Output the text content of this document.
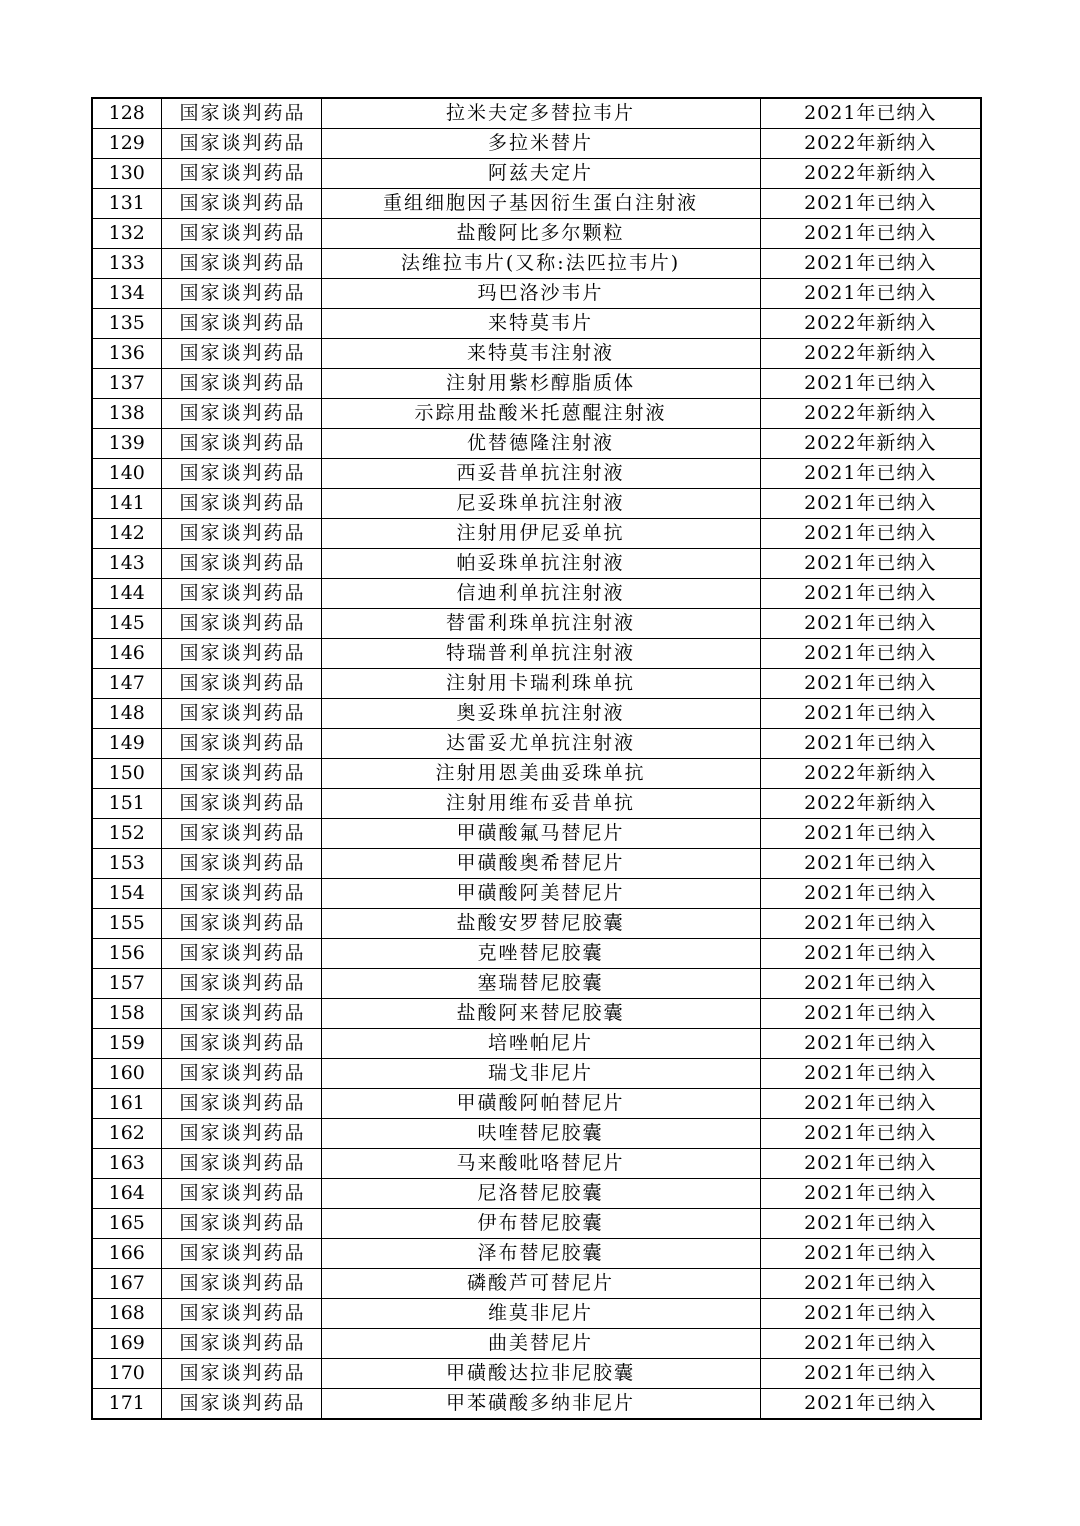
128	国家谈判药品	拉米夫定多替拉韦片	2021年已纳入
129	国家谈判药品	多拉米替片	2022年新纳入
130	国家谈判药品	阿兹夫定片	2022年新纳入
131	国家谈判药品	重组细胞因子基因衍生蛋白注射液	2021年已纳入
132	国家谈判药品	盐酸阿比多尔颗粒	2021年已纳入
133	国家谈判药品	法维拉韦片(又称:法匹拉韦片)	2021年已纳入
134	国家谈判药品	玛巴洛沙韦片	2021年已纳入
135	国家谈判药品	来特莫韦片	2022年新纳入
136	国家谈判药品	来特莫韦注射液	2022年新纳入
137	国家谈判药品	注射用紫杉醇脂质体	2021年已纳入
138	国家谈判药品	示踪用盐酸米托蒽醌注射液	2022年新纳入
139	国家谈判药品	优替德隆注射液	2022年新纳入
140	国家谈判药品	西妥昔单抗注射液	2021年已纳入
141	国家谈判药品	尼妥珠单抗注射液	2021年已纳入
142	国家谈判药品	注射用伊尼妥单抗	2021年已纳入
143	国家谈判药品	帕妥珠单抗注射液	2021年已纳入
144	国家谈判药品	信迪利单抗注射液	2021年已纳入
145	国家谈判药品	替雷利珠单抗注射液	2021年已纳入
146	国家谈判药品	特瑞普利单抗注射液	2021年已纳入
147	国家谈判药品	注射用卡瑞利珠单抗	2021年已纳入
148	国家谈判药品	奥妥珠单抗注射液	2021年已纳入
149	国家谈判药品	达雷妥尤单抗注射液	2021年已纳入
150	国家谈判药品	注射用恩美曲妥珠单抗	2022年新纳入
151	国家谈判药品	注射用维布妥昔单抗	2022年新纳入
152	国家谈判药品	甲磺酸氟马替尼片	2021年已纳入
153	国家谈判药品	甲磺酸奥希替尼片	2021年已纳入
154	国家谈判药品	甲磺酸阿美替尼片	2021年已纳入
155	国家谈判药品	盐酸安罗替尼胶囊	2021年已纳入
156	国家谈判药品	克唑替尼胶囊	2021年已纳入
157	国家谈判药品	塞瑞替尼胶囊	2021年已纳入
158	国家谈判药品	盐酸阿来替尼胶囊	2021年已纳入
159	国家谈判药品	培唑帕尼片	2021年已纳入
160	国家谈判药品	瑞戈非尼片	2021年已纳入
161	国家谈判药品	甲磺酸阿帕替尼片	2021年已纳入
162	国家谈判药品	呋喹替尼胶囊	2021年已纳入
163	国家谈判药品	马来酸吡咯替尼片	2021年已纳入
164	国家谈判药品	尼洛替尼胶囊	2021年已纳入
165	国家谈判药品	伊布替尼胶囊	2021年已纳入
166	国家谈判药品	泽布替尼胶囊	2021年已纳入
167	国家谈判药品	磷酸芦可替尼片	2021年已纳入
168	国家谈判药品	维莫非尼片	2021年已纳入
169	国家谈判药品	曲美替尼片	2021年已纳入
170	国家谈判药品	甲磺酸达拉非尼胶囊	2021年已纳入
171	国家谈判药品	甲苯磺酸多纳非尼片	2021年已纳入
